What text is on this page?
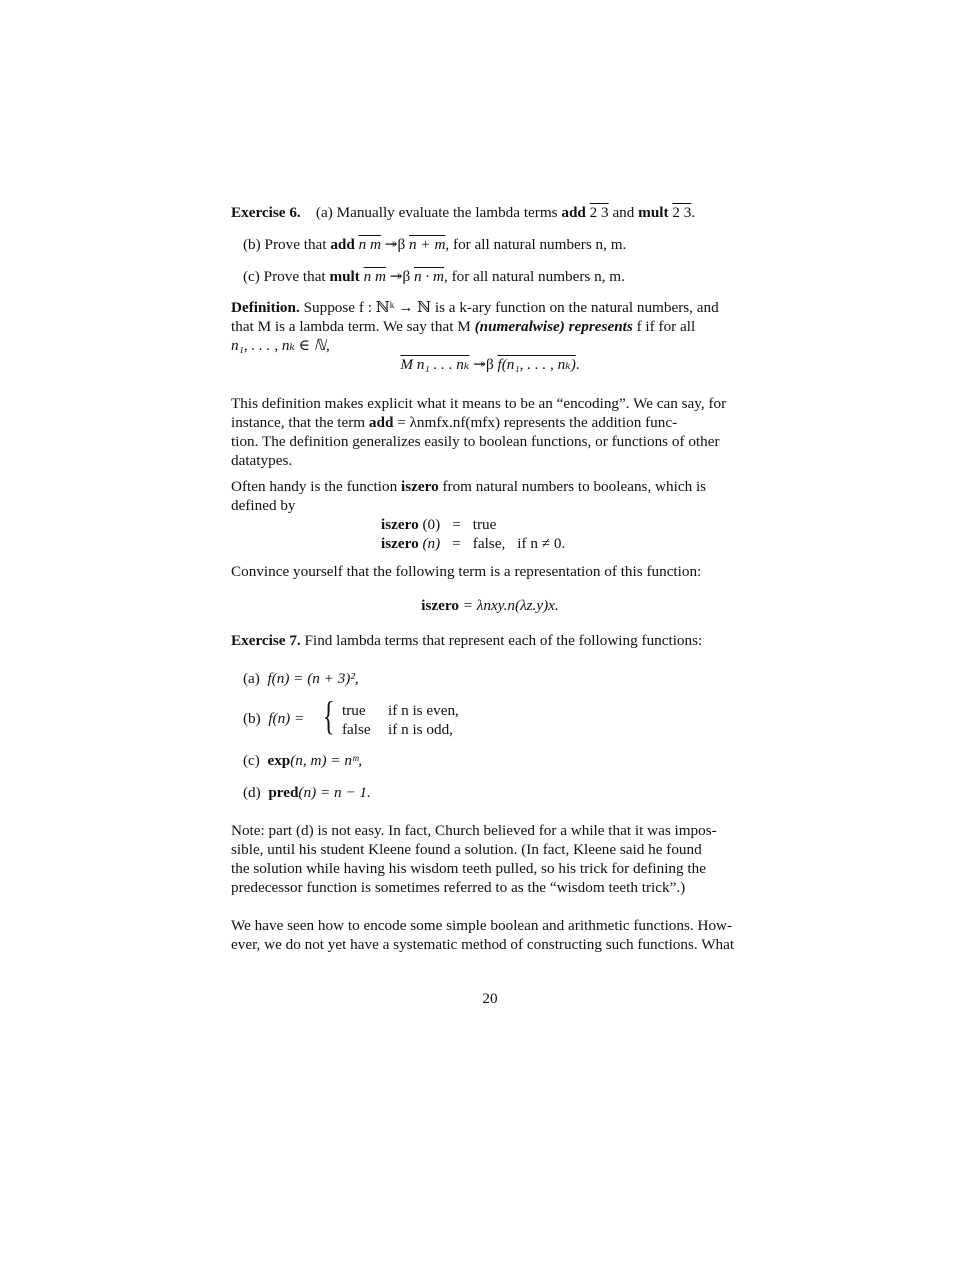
Exercise 6. (a) Manually evaluate the lambda terms add 2 3 and mult 2 3.
(b) Prove that add n m ↠β n + m, for all natural numbers n, m.
(c) Prove that mult n m ↠β n · m, for all natural numbers n, m.

Definition. Suppose f : ℕᵏ → ℕ is a k-ary function on the natural numbers, and

that M is a lambda term. We say that M (numeralwise) represents f if for all

n₁, . . . , nₖ ∈ ℕ,

M n₁ . . . nₖ ↠β f(n₁, . . . , nₖ).

This definition makes explicit what it means to be an “encoding”. We can say, for

instance, that the term add = λnmfx.nf(mfx) represents the addition func-

tion. The definition generalizes easily to boolean functions, or functions of other

datatypes.

Often handy is the function iszero from natural numbers to booleans, which is

defined by

iszero (0)	=	true	
iszero (n)	=	false,	if n ≠ 0.

Convince yourself that the following term is a representation of this function:

iszero = λnxy.n(λz.y)x.
Exercise 7. Find lambda terms that represent each of the following functions:
(a) f(n) = (n + 3)²,
(b) f(n) = { true if n is even,
false if n is odd,
(c) exp(n, m) = nᵐ,
(d) pred(n) = n − 1.

Note: part (d) is not easy. In fact, Church believed for a while that it was impos-

sible, until his student Kleene found a solution. (In fact, Kleene said he found

the solution while having his wisdom teeth pulled, so his trick for defining the

predecessor function is sometimes referred to as the “wisdom teeth trick”.)

We have seen how to encode some simple boolean and arithmetic functions. How-

ever, we do not yet have a systematic method of constructing such functions. What

20
